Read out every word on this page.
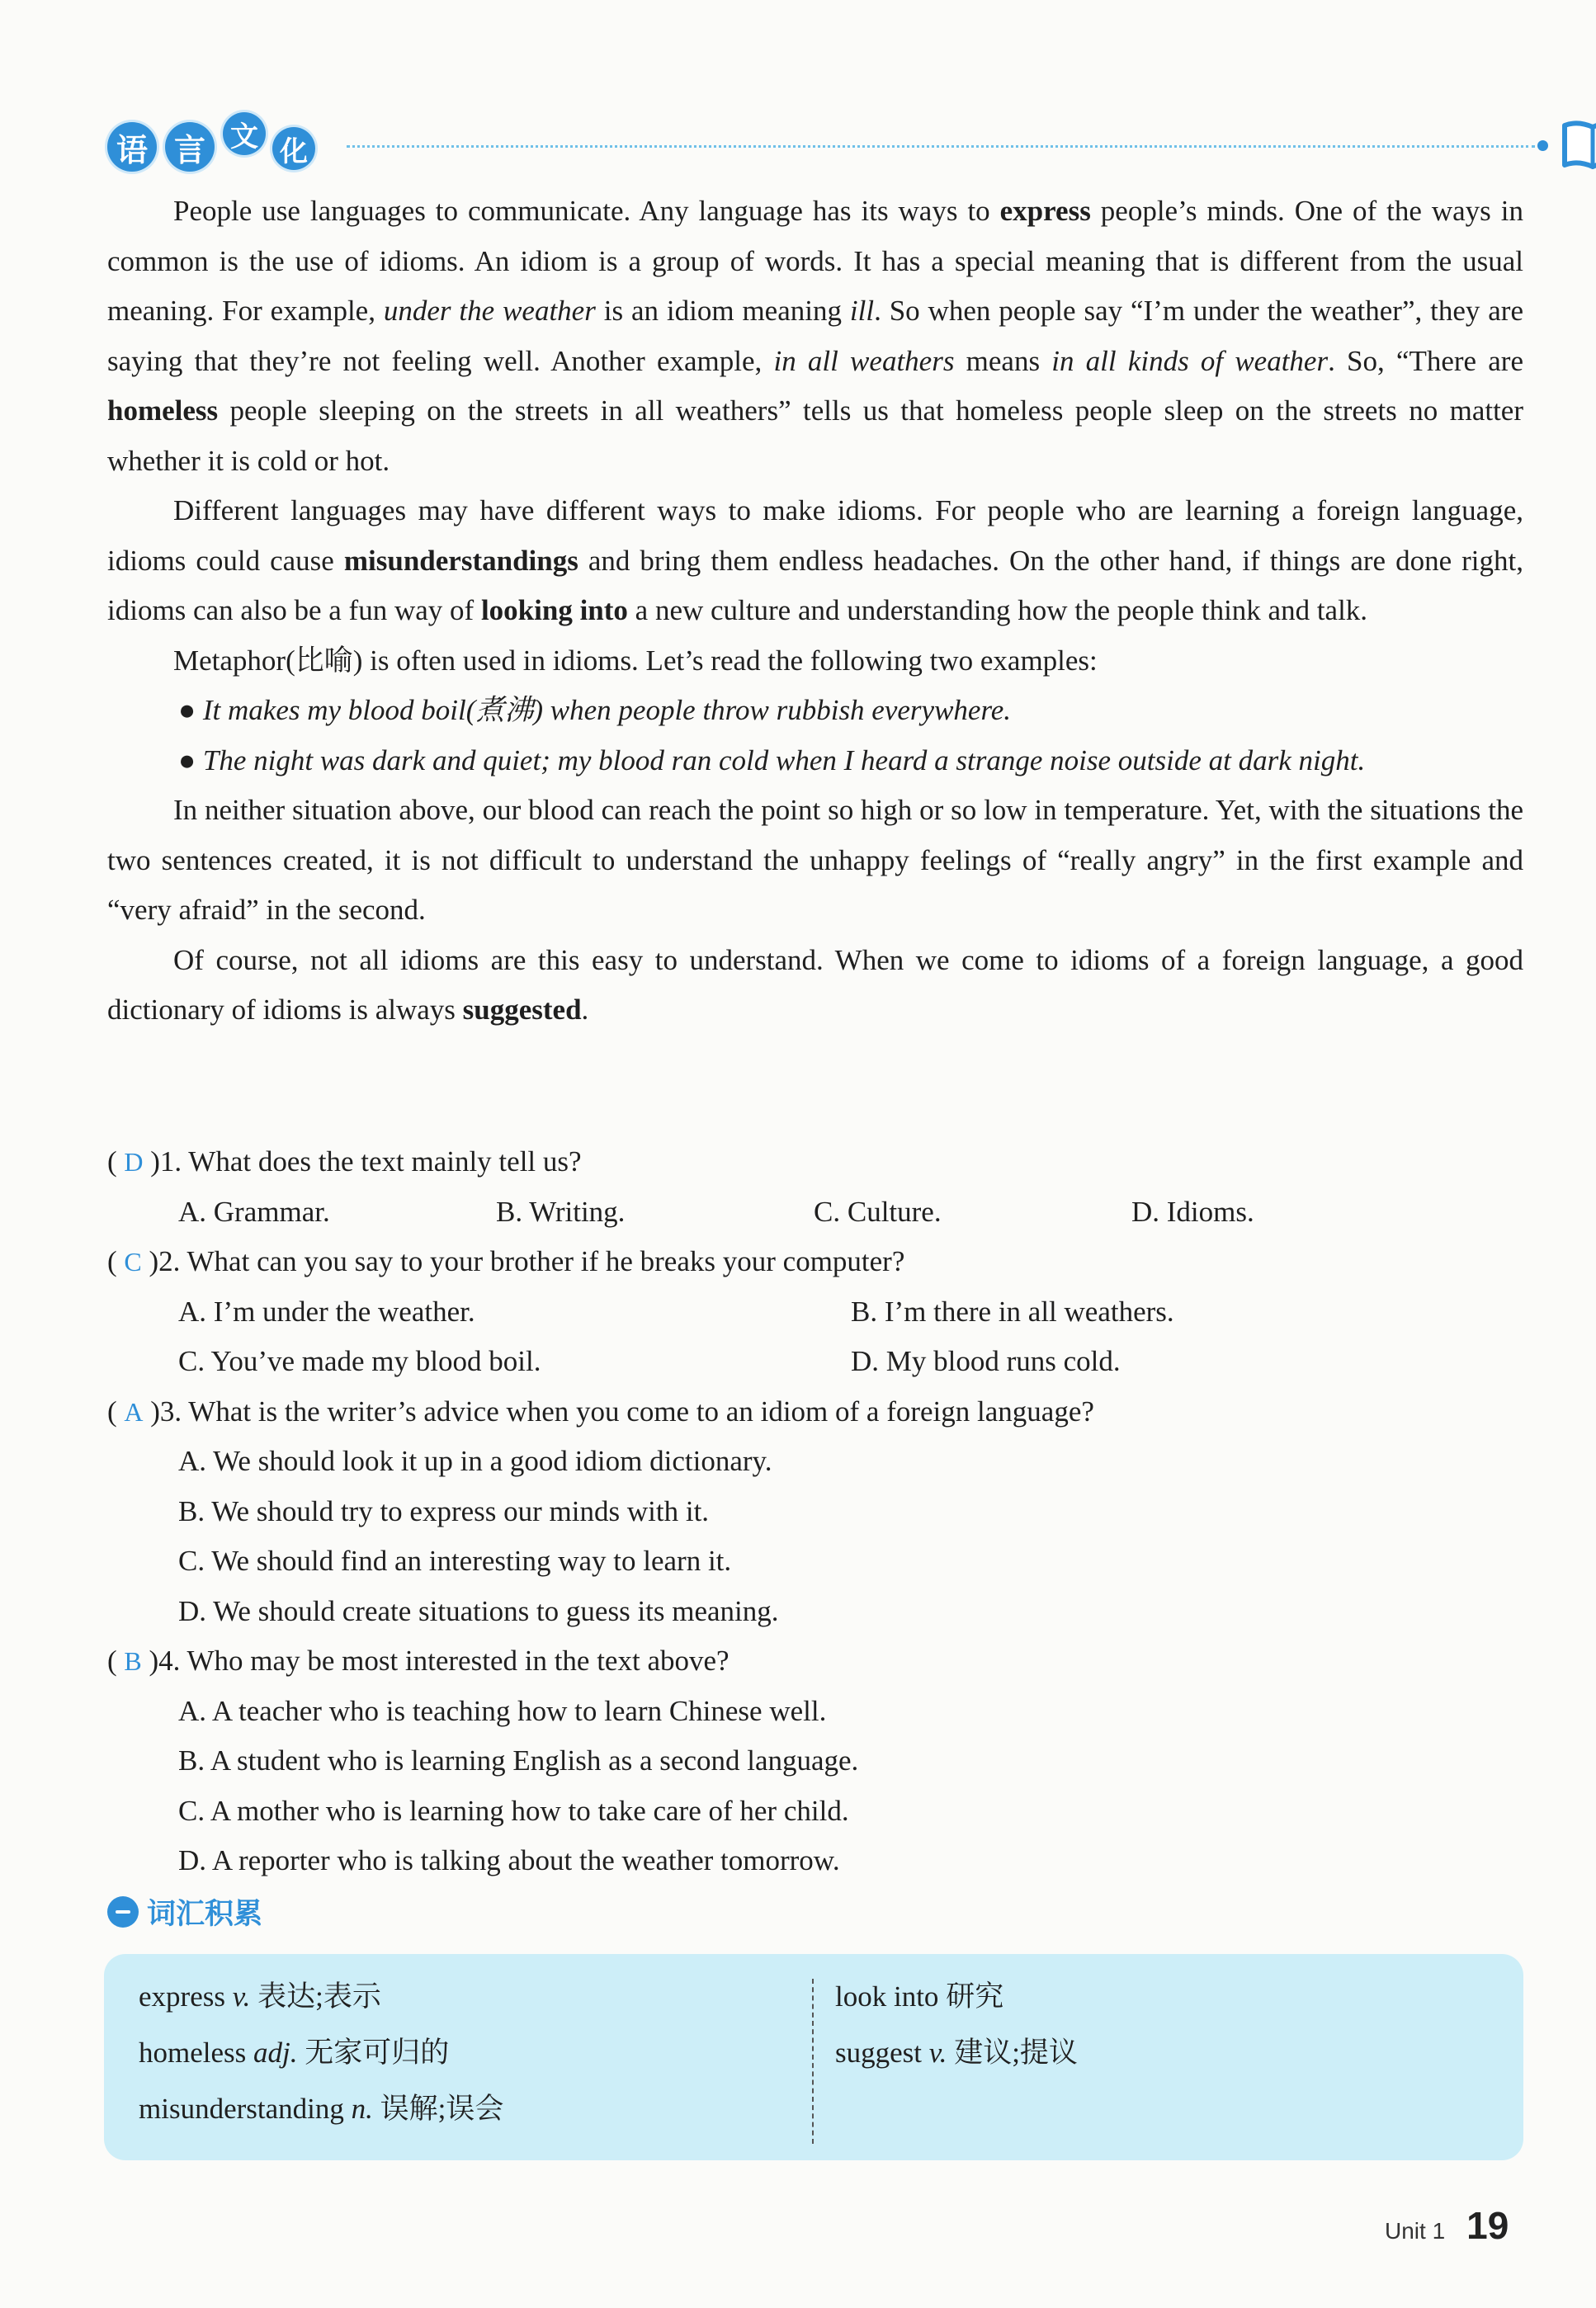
语 言 文 化

People use languages to communicate. Any language has its ways to express people’s minds. One of the ways in common is the use of idioms. An idiom is a group of words. It has a special meaning that is different from the usual meaning. For example, under the weather is an idiom meaning ill. So when people say “I’m under the weather”, they are saying that they’re not feeling well. Another example, in all weathers means in all kinds of weather. So, “There are homeless people sleeping on the streets in all weathers” tells us that homeless people sleep on the streets no matter whether it is cold or hot.

Different languages may have different ways to make idioms. For people who are learning a foreign language, idioms could cause misunderstandings and bring them endless headaches. On the other hand, if things are done right, idioms can also be a fun way of looking into a new culture and understanding how the people think and talk.

Metaphor(比喻) is often used in idioms. Let’s read the following two examples:

● It makes my blood boil(煮沸) when people throw rubbish everywhere.

● The night was dark and quiet; my blood ran cold when I heard a strange noise outside at dark night.

In neither situation above, our blood can reach the point so high or so low in temperature. Yet, with the situations the two sentences created, it is not difficult to understand the unhappy feelings of “really angry” in the first example and “very afraid” in the second.

Of course, not all idioms are this easy to understand. When we come to idioms of a foreign language, a good dictionary of idioms is always suggested.

( D ) 1. What does the text mainly tell us?
A. Grammar.	B. Writing.	C. Culture.	D. Idioms.
( C ) 2. What can you say to your brother if he breaks your computer?
A. I’m under the weather.	B. I’m there in all weathers.
C. You’ve made my blood boil.	D. My blood runs cold.
( A ) 3. What is the writer’s advice when you come to an idiom of a foreign language?
A. We should look it up in a good idiom dictionary.
B. We should try to express our minds with it.
C. We should find an interesting way to learn it.
D. We should create situations to guess its meaning.
( B ) 4. Who may be most interested in the text above?
A. A teacher who is teaching how to learn Chinese well.
B. A student who is learning English as a second language.
C. A mother who is learning how to take care of her child.
D. A reporter who is talking about the weather tomorrow.
词汇积累
express v. 表达;表示
homeless adj. 无家可归的
misunderstanding n. 误解;误会
look into 研究
suggest v. 建议;提议
Unit 1 19
